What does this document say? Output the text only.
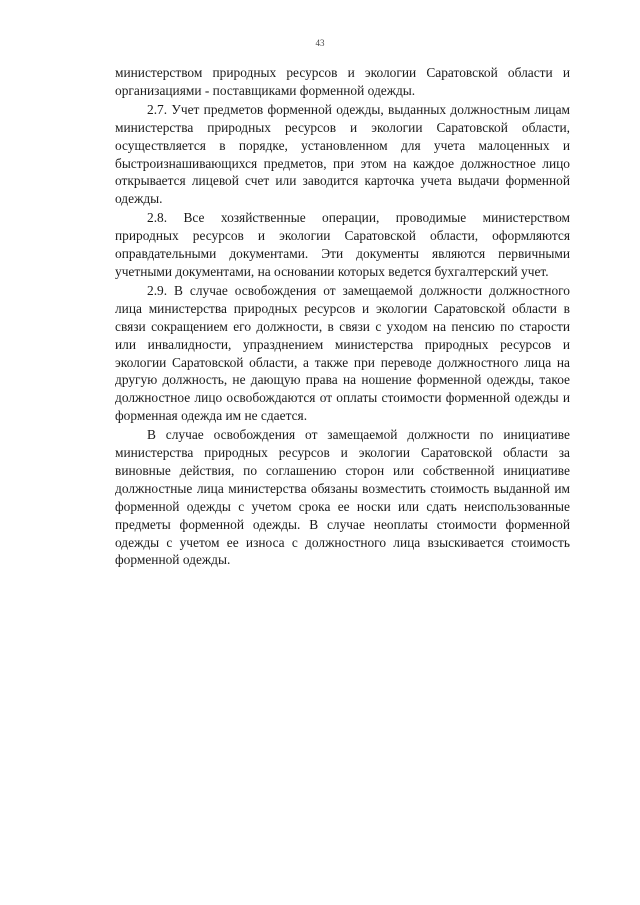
43

министерством природных ресурсов и экологии Саратовской области и организациями - поставщиками форменной одежды.

2.7. Учет предметов форменной одежды, выданных должностным лицам министерства природных ресурсов и экологии Саратовской области, осуществляется в порядке, установленном для учета малоценных и быстроизнашивающихся предметов, при этом на каждое должностное лицо открывается лицевой счет или заводится карточка учета выдачи форменной одежды.

2.8. Все хозяйственные операции, проводимые министерством природных ресурсов и экологии Саратовской области, оформляются оправдательными документами. Эти документы являются первичными учетными документами, на основании которых ведется бухгалтерский учет.

2.9. В случае освобождения от замещаемой должности должностного лица министерства природных ресурсов и экологии Саратовской области в связи сокращением его должности, в связи с уходом на пенсию по старости или инвалидности, упразднением министерства природных ресурсов и экологии Саратовской области, а также при переводе должностного лица на другую должность, не дающую права на ношение форменной одежды, такое должностное лицо освобождаются от оплаты стоимости форменной одежды и форменная одежда им не сдается.

В случае освобождения от замещаемой должности по инициативе министерства природных ресурсов и экологии Саратовской области за виновные действия, по соглашению сторон или собственной инициативе должностные лица министерства обязаны возместить стоимость выданной им форменной одежды с учетом срока ее носки или сдать неиспользованные предметы форменной одежды. В случае неоплаты стоимости форменной одежды с учетом ее износа с должностного лица взыскивается стоимость форменной одежды.
